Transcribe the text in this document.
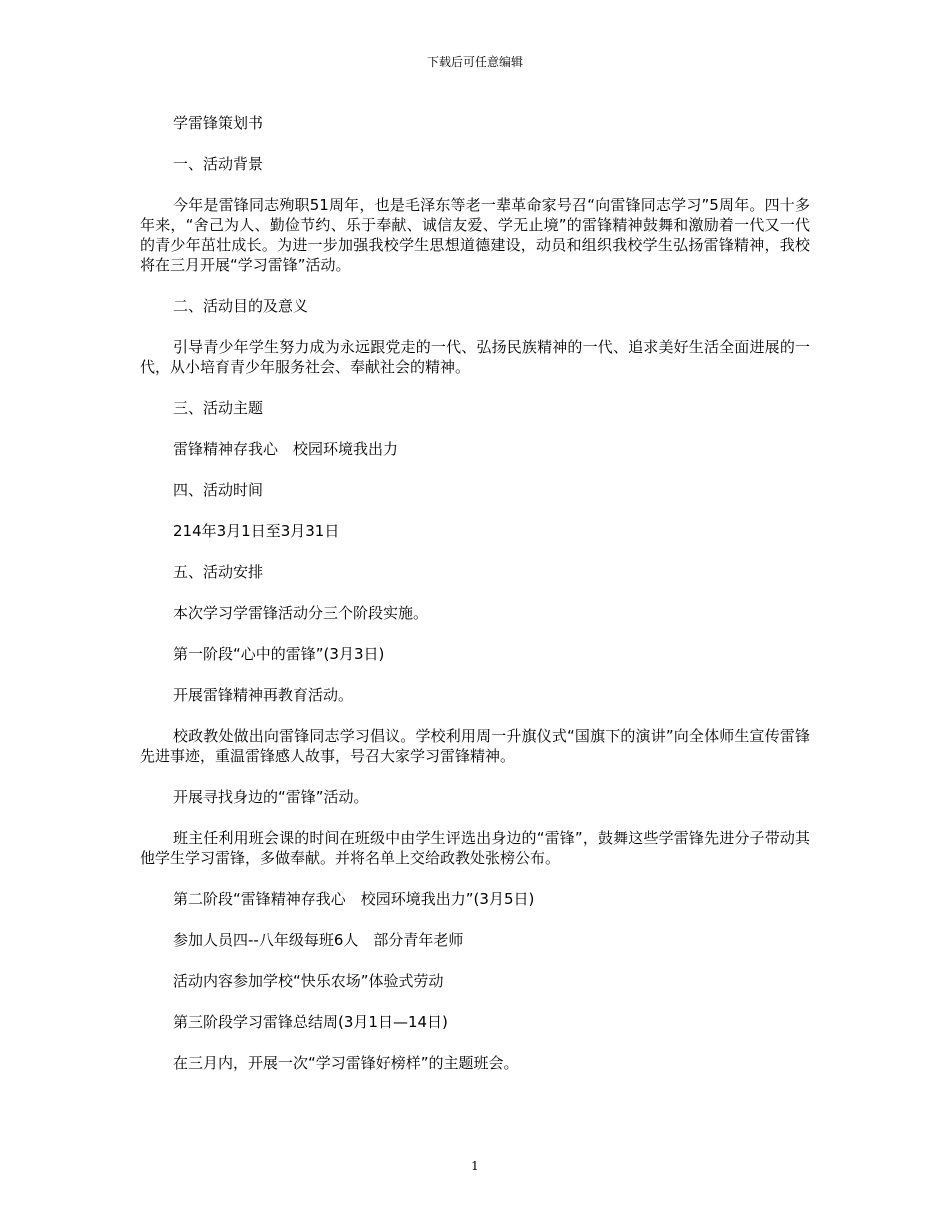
下载后可任意编辑

学雷锋策划书

一、活动背景

今年是雷锋同志殉职51周年，也是毛泽东等老一辈革命家号召“向雷锋同志学习”5周年。四十多年来，“舍己为人、勤俭节约、乐于奉献、诚信友爱、学无止境”的雷锋精神鼓舞和激励着一代又一代的青少年茁壮成长。为进一步加强我校学生思想道德建设，动员和组织我校学生弘扬雷锋精神，我校将在三月开展“学习雷锋”活动。

二、活动目的及意义

引导青少年学生努力成为永远跟党走的一代、弘扬民族精神的一代、追求美好生活全面进展的一代，从小培育青少年服务社会、奉献社会的精神。

三、活动主题

雷锋精神存我心　校园环境我出力

四、活动时间

214年3月1日至3月31日

五、活动安排

本次学习学雷锋活动分三个阶段实施。

第一阶段“心中的雷锋”(3月3日)

开展雷锋精神再教育活动。

校政教处做出向雷锋同志学习倡议。学校利用周一升旗仪式“国旗下的演讲”向全体师生宣传雷锋先进事迹，重温雷锋感人故事，号召大家学习雷锋精神。

开展寻找身边的“雷锋”活动。

班主任利用班会课的时间在班级中由学生评选出身边的“雷锋”，鼓舞这些学雷锋先进分子带动其他学生学习雷锋，多做奉献。并将名单上交给政教处张榜公布。

第二阶段“雷锋精神存我心　校园环境我出力”(3月5日)

参加人员四--八年级每班6人　部分青年老师

活动内容参加学校“快乐农场”体验式劳动

第三阶段学习雷锋总结周(3月1日—14日)

在三月内，开展一次“学习雷锋好榜样”的主题班会。

1
